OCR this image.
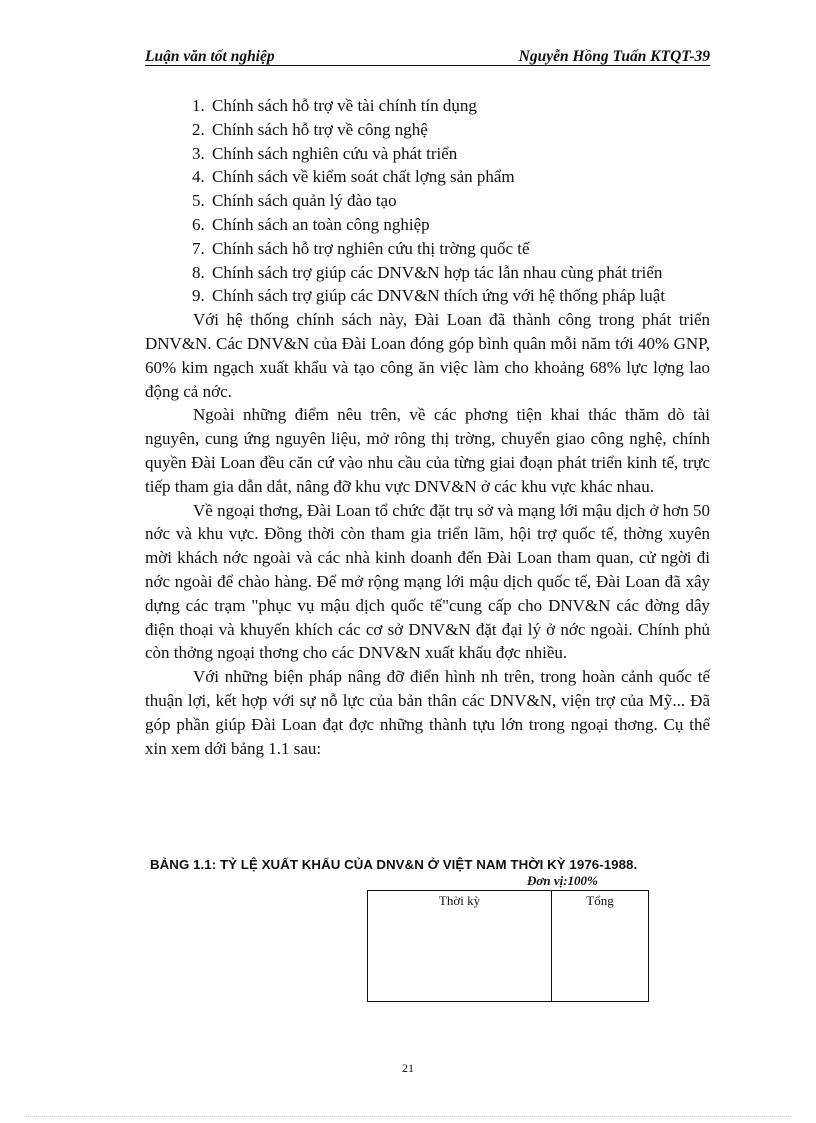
Luận văn tốt nghiệp	Nguyễn Hồng Tuấn KTQT-39
1. Chính sách hỗ trợ về tài chính tín dụng
2. Chính sách hỗ trợ về công nghệ
3. Chính sách nghiên cứu và phát triển
4. Chính sách về kiểm soát chất lợng sản phẩm
5. Chính sách quản lý đào tạo
6. Chính sách an toàn công nghiệp
7. Chính sách hỗ trợ nghiên cứu thị trờng quốc tế
8. Chính sách trợ giúp các DNV&N hợp tác lẫn nhau cùng phát triển
9. Chính sách trợ giúp các DNV&N thích ứng với hệ thống pháp luật

Với hệ thống chính sách này, Đài Loan đã thành công trong phát triển DNV&N. Các DNV&N của Đài Loan đóng góp bình quân mỗi năm tới 40% GNP, 60% kim ngạch xuất khẩu và tạo công ăn việc làm cho khoảng 68% lực lợng lao động cả nớc.

Ngoài những điểm nêu trên, về các phơng tiện khai thác thăm dò tài nguyên, cung ứng nguyên liệu, mở rông thị trờng, chuyển giao công nghệ, chính quyền Đài Loan đều căn cứ vào nhu cầu của từng giai đoạn phát triển kinh tế, trực tiếp tham gia dẫn dắt, nâng đỡ khu vực DNV&N ở các khu vực khác nhau.

Về ngoại thơng, Đài Loan tổ chức đặt trụ sở và mạng lới mậu dịch ở hơn 50 nớc và khu vực. Đồng thời còn tham gia triển lãm, hội trợ quốc tế, thờng xuyên mời khách nớc ngoài và các nhà kinh doanh đến Đài Loan tham quan, cử ngời đi nớc ngoài để chào hàng. Để mở rộng mạng lới mậu dịch quốc tế, Đài Loan đã xây dựng các trạm "phục vụ mậu dịch quốc tế"cung cấp cho DNV&N các đờng dây điện thoại và khuyến khích các cơ sở DNV&N đặt đại lý ở nớc ngoài. Chính phủ còn thởng ngoại thơng cho các DNV&N xuất khẩu đợc nhiều.

Với những biện pháp nâng đỡ điển hình nh trên, trong hoàn cảnh quốc tế thuận lợi, kết hợp với sự nỗ lực của bản thân các DNV&N, viện trợ của Mỹ... Đã góp phần giúp Đài Loan đạt đợc những thành tựu lớn trong ngoại thơng. Cụ thể xin xem dới bảng 1.1 sau:

BẢNG 1.1: TỶ LỆ XUẤT KHẨU CỦA DNV&N Ở VIỆT NAM THỜI KỲ 1976-1988.
Đơn vị:100%
Thời kỳ	Tổng
21
